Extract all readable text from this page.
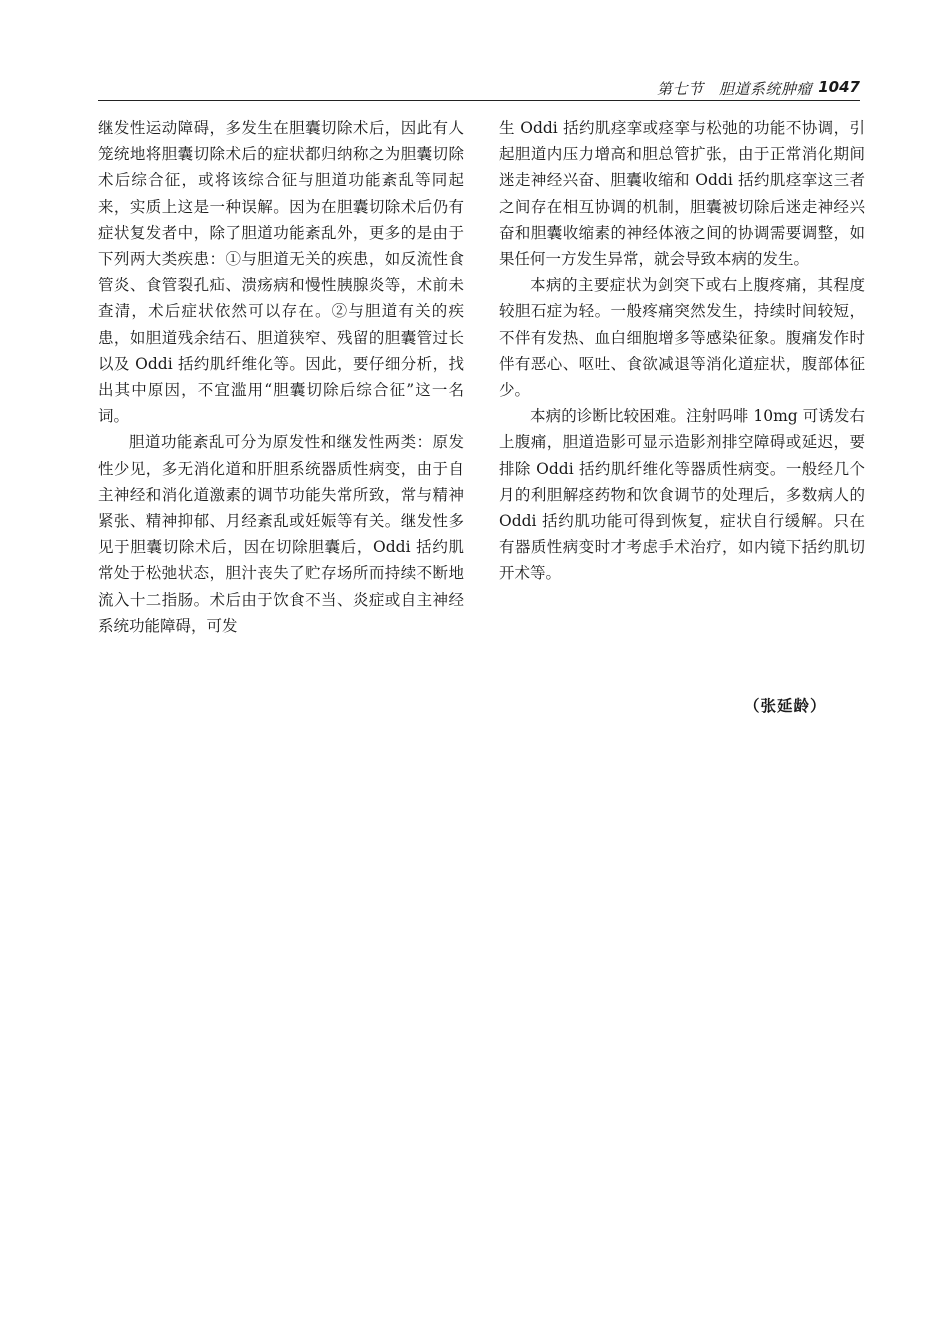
第七节　胆道系统肿瘤 1047

继发性运动障碍，多发生在胆囊切除术后，因此有人笼统地将胆囊切除术后的症状都归纳称之为胆囊切除术后综合征，或将该综合征与胆道功能紊乱等同起来，实质上这是一种误解。因为在胆囊切除术后仍有症状复发者中，除了胆道功能紊乱外，更多的是由于下列两大类疾患：①与胆道无关的疾患，如反流性食管炎、食管裂孔疝、溃疡病和慢性胰腺炎等，术前未查清，术后症状依然可以存在。②与胆道有关的疾患，如胆道残余结石、胆道狭窄、残留的胆囊管过长以及 Oddi 括约肌纤维化等。因此，要仔细分析，找出其中原因，不宜滥用“胆囊切除后综合征”这一名词。

胆道功能紊乱可分为原发性和继发性两类：原发性少见，多无消化道和肝胆系统器质性病变，由于自主神经和消化道激素的调节功能失常所致，常与精神紧张、精神抑郁、月经紊乱或妊娠等有关。继发性多见于胆囊切除术后，因在切除胆囊后，Oddi 括约肌常处于松弛状态，胆汁丧失了贮存场所而持续不断地流入十二指肠。术后由于饮食不当、炎症或自主神经系统功能障碍，可发

生 Oddi 括约肌痉挛或痉挛与松弛的功能不协调，引起胆道内压力增高和胆总管扩张，由于正常消化期间迷走神经兴奋、胆囊收缩和 Oddi 括约肌痉挛这三者之间存在相互协调的机制，胆囊被切除后迷走神经兴奋和胆囊收缩素的神经体液之间的协调需要调整，如果任何一方发生异常，就会导致本病的发生。

本病的主要症状为剑突下或右上腹疼痛，其程度较胆石症为轻。一般疼痛突然发生，持续时间较短，不伴有发热、血白细胞增多等感染征象。腹痛发作时伴有恶心、呕吐、食欲减退等消化道症状，腹部体征少。

本病的诊断比较困难。注射吗啡 10mg 可诱发右上腹痛，胆道造影可显示造影剂排空障碍或延迟，要排除 Oddi 括约肌纤维化等器质性病变。一般经几个月的利胆解痉药物和饮食调节的处理后，多数病人的 Oddi 括约肌功能可得到恢复，症状自行缓解。只在有器质性病变时才考虑手术治疗，如内镜下括约肌切开术等。

（张延龄）
